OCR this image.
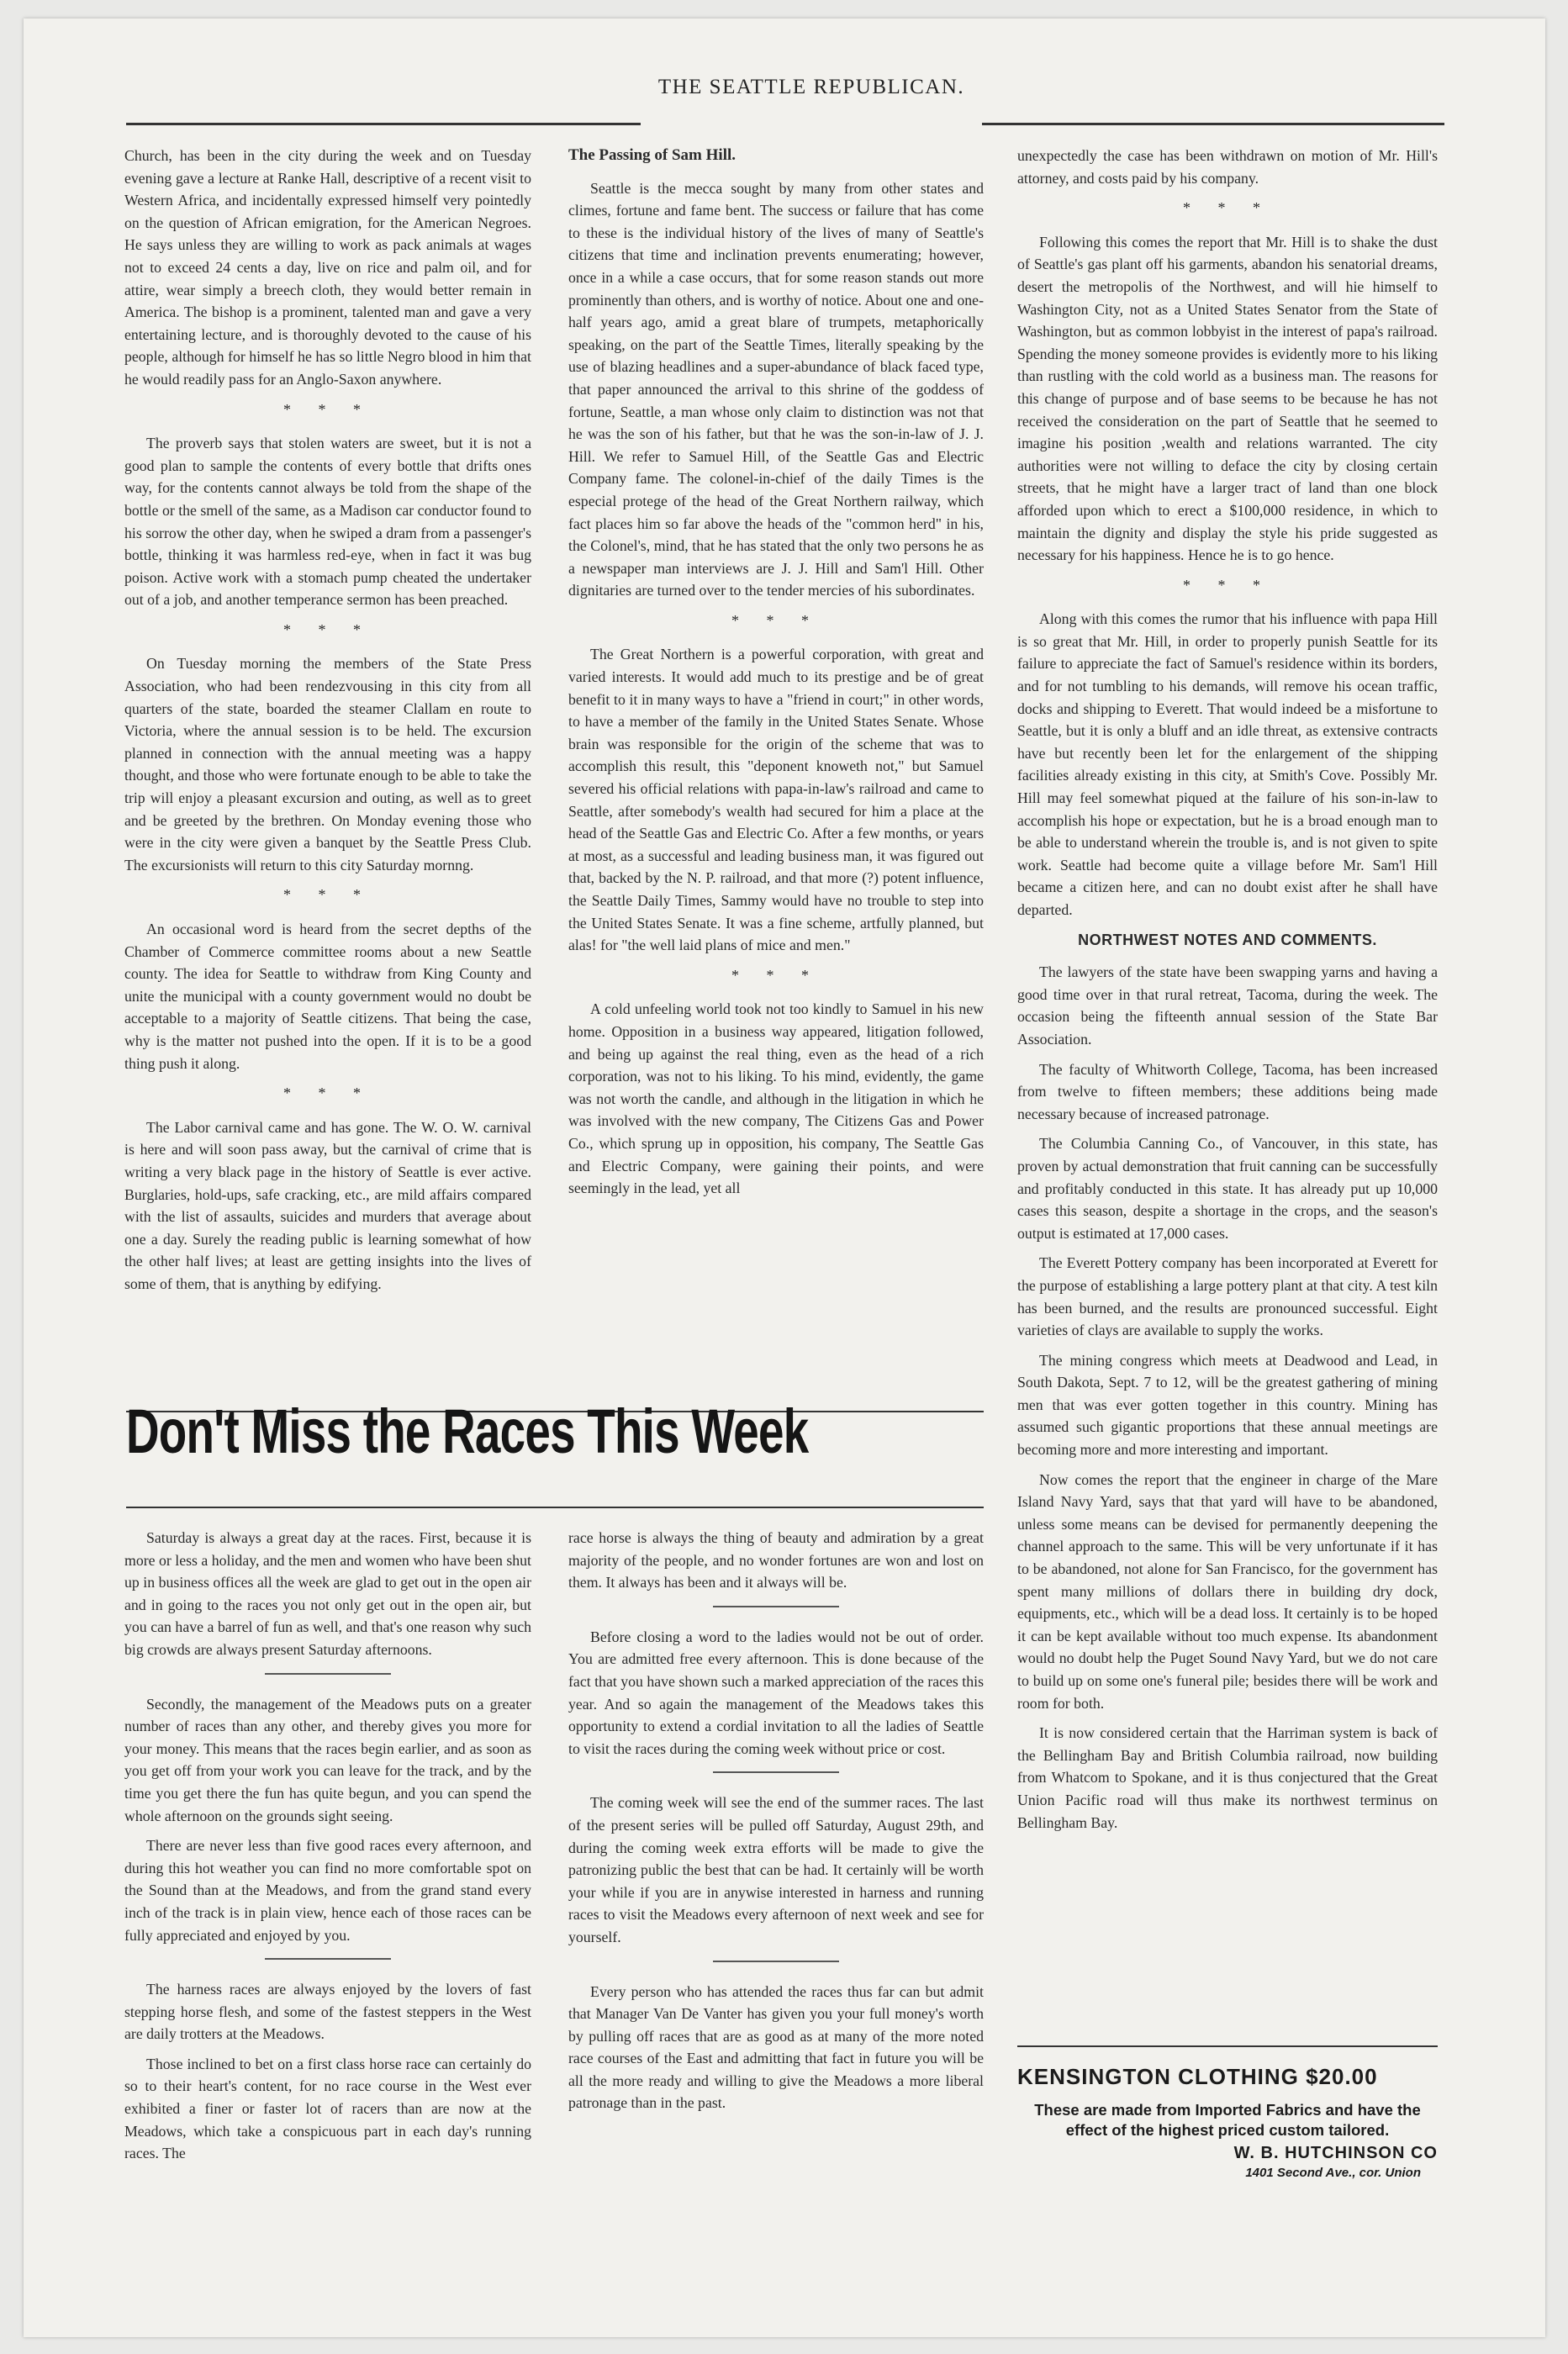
THE SEATTLE REPUBLICAN.

Church, has been in the city during the week and on Tuesday evening gave a lecture at Ranke Hall, descriptive of a recent visit to Western Africa, and incidentally expressed himself very pointedly on the question of African emigration, for the American Negroes. He says unless they are willing to work as pack animals at wages not to exceed 24 cents a day, live on rice and palm oil, and for attire, wear simply a breech cloth, they would better remain in America. The bishop is a prominent, talented man and gave a very entertaining lecture, and is thoroughly devoted to the cause of his people, although for himself he has so little Negro blood in him that he would readily pass for an Anglo-Saxon anywhere.

* * *

The proverb says that stolen waters are sweet, but it is not a good plan to sample the contents of every bottle that drifts ones way, for the contents cannot always be told from the shape of the bottle or the smell of the same, as a Madison car conductor found to his sorrow the other day, when he swiped a dram from a passenger's bottle, thinking it was harmless red-eye, when in fact it was bug poison. Active work with a stomach pump cheated the undertaker out of a job, and another temperance sermon has been preached.

* * *

On Tuesday morning the members of the State Press Association, who had been rendezvousing in this city from all quarters of the state, boarded the steamer Clallam en route to Victoria, where the annual session is to be held. The excursion planned in connection with the annual meeting was a happy thought, and those who were fortunate enough to be able to take the trip will enjoy a pleasant excursion and outing, as well as to greet and be greeted by the brethren. On Monday evening those who were in the city were given a banquet by the Seattle Press Club. The excursionists will return to this city Saturday mornng.

* * *

An occasional word is heard from the secret depths of the Chamber of Commerce committee rooms about a new Seattle county. The idea for Seattle to withdraw from King County and unite the municipal with a county government would no doubt be acceptable to a majority of Seattle citizens. That being the case, why is the matter not pushed into the open. If it is to be a good thing push it along.

* * *

The Labor carnival came and has gone. The W. O. W. carnival is here and will soon pass away, but the carnival of crime that is writing a very black page in the history of Seattle is ever active. Burglaries, hold-ups, safe cracking, etc., are mild affairs compared with the list of assaults, suicides and murders that average about one a day. Surely the reading public is learning somewhat of how the other half lives; at least are getting insights into the lives of some of them, that is anything by edifying.

The Passing of Sam Hill.

Seattle is the mecca sought by many from other states and climes, fortune and fame bent. The success or failure that has come to these is the individual history of the lives of many of Seattle's citizens that time and inclination prevents enumerating; however, once in a while a case occurs, that for some reason stands out more prominently than others, and is worthy of notice. About one and one-half years ago, amid a great blare of trumpets, metaphorically speaking, on the part of the Seattle Times, literally speaking by the use of blazing headlines and a super-abundance of black faced type, that paper announced the arrival to this shrine of the goddess of fortune, Seattle, a man whose only claim to distinction was not that he was the son of his father, but that he was the son-in-law of J. J. Hill. We refer to Samuel Hill, of the Seattle Gas and Electric Company fame. The colonel-in-chief of the daily Times is the especial protege of the head of the Great Northern railway, which fact places him so far above the heads of the "common herd" in his, the Colonel's, mind, that he has stated that the only two persons he as a newspaper man interviews are J. J. Hill and Sam'l Hill. Other dignitaries are turned over to the tender mercies of his subordinates.

* * *

The Great Northern is a powerful corporation, with great and varied interests. It would add much to its prestige and be of great benefit to it in many ways to have a "friend in court;" in other words, to have a member of the family in the United States Senate. Whose brain was responsible for the origin of the scheme that was to accomplish this result, this "deponent knoweth not," but Samuel severed his official relations with papa-in-law's railroad and came to Seattle, after somebody's wealth had secured for him a place at the head of the Seattle Gas and Electric Co. After a few months, or years at most, as a successful and leading business man, it was figured out that, backed by the N. P. railroad, and that more (?) potent influence, the Seattle Daily Times, Sammy would have no trouble to step into the United States Senate. It was a fine scheme, artfully planned, but alas! for "the well laid plans of mice and men."

* * *

A cold unfeeling world took not too kindly to Samuel in his new home. Opposition in a business way appeared, litigation followed, and being up against the real thing, even as the head of a rich corporation, was not to his liking. To his mind, evidently, the game was not worth the candle, and although in the litigation in which he was involved with the new company, The Citizens Gas and Power Co., which sprung up in opposition, his company, The Seattle Gas and Electric Company, were gaining their points, and were seemingly in the lead, yet all

unexpectedly the case has been withdrawn on motion of Mr. Hill's attorney, and costs paid by his company.

* * *

Following this comes the report that Mr. Hill is to shake the dust of Seattle's gas plant off his garments, abandon his senatorial dreams, desert the metropolis of the Northwest, and will hie himself to Washington City, not as a United States Senator from the State of Washington, but as common lobbyist in the interest of papa's railroad. Spending the money someone provides is evidently more to his liking than rustling with the cold world as a business man. The reasons for this change of purpose and of base seems to be because he has not received the consideration on the part of Seattle that he seemed to imagine his position ,wealth and relations warranted. The city authorities were not willing to deface the city by closing certain streets, that he might have a larger tract of land than one block afforded upon which to erect a $100,000 residence, in which to maintain the dignity and display the style his pride suggested as necessary for his happiness. Hence he is to go hence.

* * *

Along with this comes the rumor that his influence with papa Hill is so great that Mr. Hill, in order to properly punish Seattle for its failure to appreciate the fact of Samuel's residence within its borders, and for not tumbling to his demands, will remove his ocean traffic, docks and shipping to Everett. That would indeed be a misfortune to Seattle, but it is only a bluff and an idle threat, as extensive contracts have but recently been let for the enlargement of the shipping facilities already existing in this city, at Smith's Cove. Possibly Mr. Hill may feel somewhat piqued at the failure of his son-in-law to accomplish his hope or expectation, but he is a broad enough man to be able to understand wherein the trouble is, and is not given to spite work. Seattle had become quite a village before Mr. Sam'l Hill became a citizen here, and can no doubt exist after he shall have departed.

NORTHWEST NOTES AND COMMENTS.

The lawyers of the state have been swapping yarns and having a good time over in that rural retreat, Tacoma, during the week. The occasion being the fifteenth annual session of the State Bar Association.

The faculty of Whitworth College, Tacoma, has been increased from twelve to fifteen members; these additions being made necessary because of increased patronage.

The Columbia Canning Co., of Vancouver, in this state, has proven by actual demonstration that fruit canning can be successfully and profitably conducted in this state. It has already put up 10,000 cases this season, despite a shortage in the crops, and the season's output is estimated at 17,000 cases.

The Everett Pottery company has been incorporated at Everett for the purpose of establishing a large pottery plant at that city. A test kiln has been burned, and the results are pronounced successful. Eight varieties of clays are available to supply the works.

The mining congress which meets at Deadwood and Lead, in South Dakota, Sept. 7 to 12, will be the greatest gathering of mining men that was ever gotten together in this country. Mining has assumed such gigantic proportions that these annual meetings are becoming more and more interesting and important.

Now comes the report that the engineer in charge of the Mare Island Navy Yard, says that that yard will have to be abandoned, unless some means can be devised for permanently deepening the channel approach to the same. This will be very unfortunate if it has to be abandoned, not alone for San Francisco, for the government has spent many millions of dollars there in building dry dock, equipments, etc., which will be a dead loss. It certainly is to be hoped it can be kept available without too much expense. Its abandonment would no doubt help the Puget Sound Navy Yard, but we do not care to build up on some one's funeral pile; besides there will be work and room for both.

It is now considered certain that the Harriman system is back of the Bellingham Bay and British Columbia railroad, now building from Whatcom to Spokane, and it is thus conjectured that the Great Union Pacific road will thus make its northwest terminus on Bellingham Bay.

Don't Miss the Races This Week

Saturday is always a great day at the races. First, because it is more or less a holiday, and the men and women who have been shut up in business offices all the week are glad to get out in the open air and in going to the races you not only get out in the open air, but you can have a barrel of fun as well, and that's one reason why such big crowds are always present Saturday afternoons.

Secondly, the management of the Meadows puts on a greater number of races than any other, and thereby gives you more for your money. This means that the races begin earlier, and as soon as you get off from your work you can leave for the track, and by the time you get there the fun has quite begun, and you can spend the whole afternoon on the grounds sight seeing.

There are never less than five good races every afternoon, and during this hot weather you can find no more comfortable spot on the Sound than at the Meadows, and from the grand stand every inch of the track is in plain view, hence each of those races can be fully appreciated and enjoyed by you.

The harness races are always enjoyed by the lovers of fast stepping horse flesh, and some of the fastest steppers in the West are daily trotters at the Meadows.

Those inclined to bet on a first class horse race can certainly do so to their heart's content, for no race course in the West ever exhibited a finer or faster lot of racers than are now at the Meadows, which take a conspicuous part in each day's running races. The

race horse is always the thing of beauty and admiration by a great majority of the people, and no wonder fortunes are won and lost on them. It always has been and it always will be.

Before closing a word to the ladies would not be out of order. You are admitted free every afternoon. This is done because of the fact that you have shown such a marked appreciation of the races this year. And so again the management of the Meadows takes this opportunity to extend a cordial invitation to all the ladies of Seattle to visit the races during the coming week without price or cost.

The coming week will see the end of the summer races. The last of the present series will be pulled off Saturday, August 29th, and during the coming week extra efforts will be made to give the patronizing public the best that can be had. It certainly will be worth your while if you are in anywise interested in harness and running races to visit the Meadows every afternoon of next week and see for yourself.

Every person who has attended the races thus far can but admit that Manager Van De Vanter has given you your full money's worth by pulling off races that are as good as at many of the more noted race courses of the East and admitting that fact in future you will be all the more ready and willing to give the Meadows a more liberal patronage than in the past.

KENSINGTON CLOTHING $20.00
These are made from Imported Fabrics and have the effect of the highest priced custom tailored.
W. B. HUTCHINSON CO
1401 Second Ave., cor. Union
